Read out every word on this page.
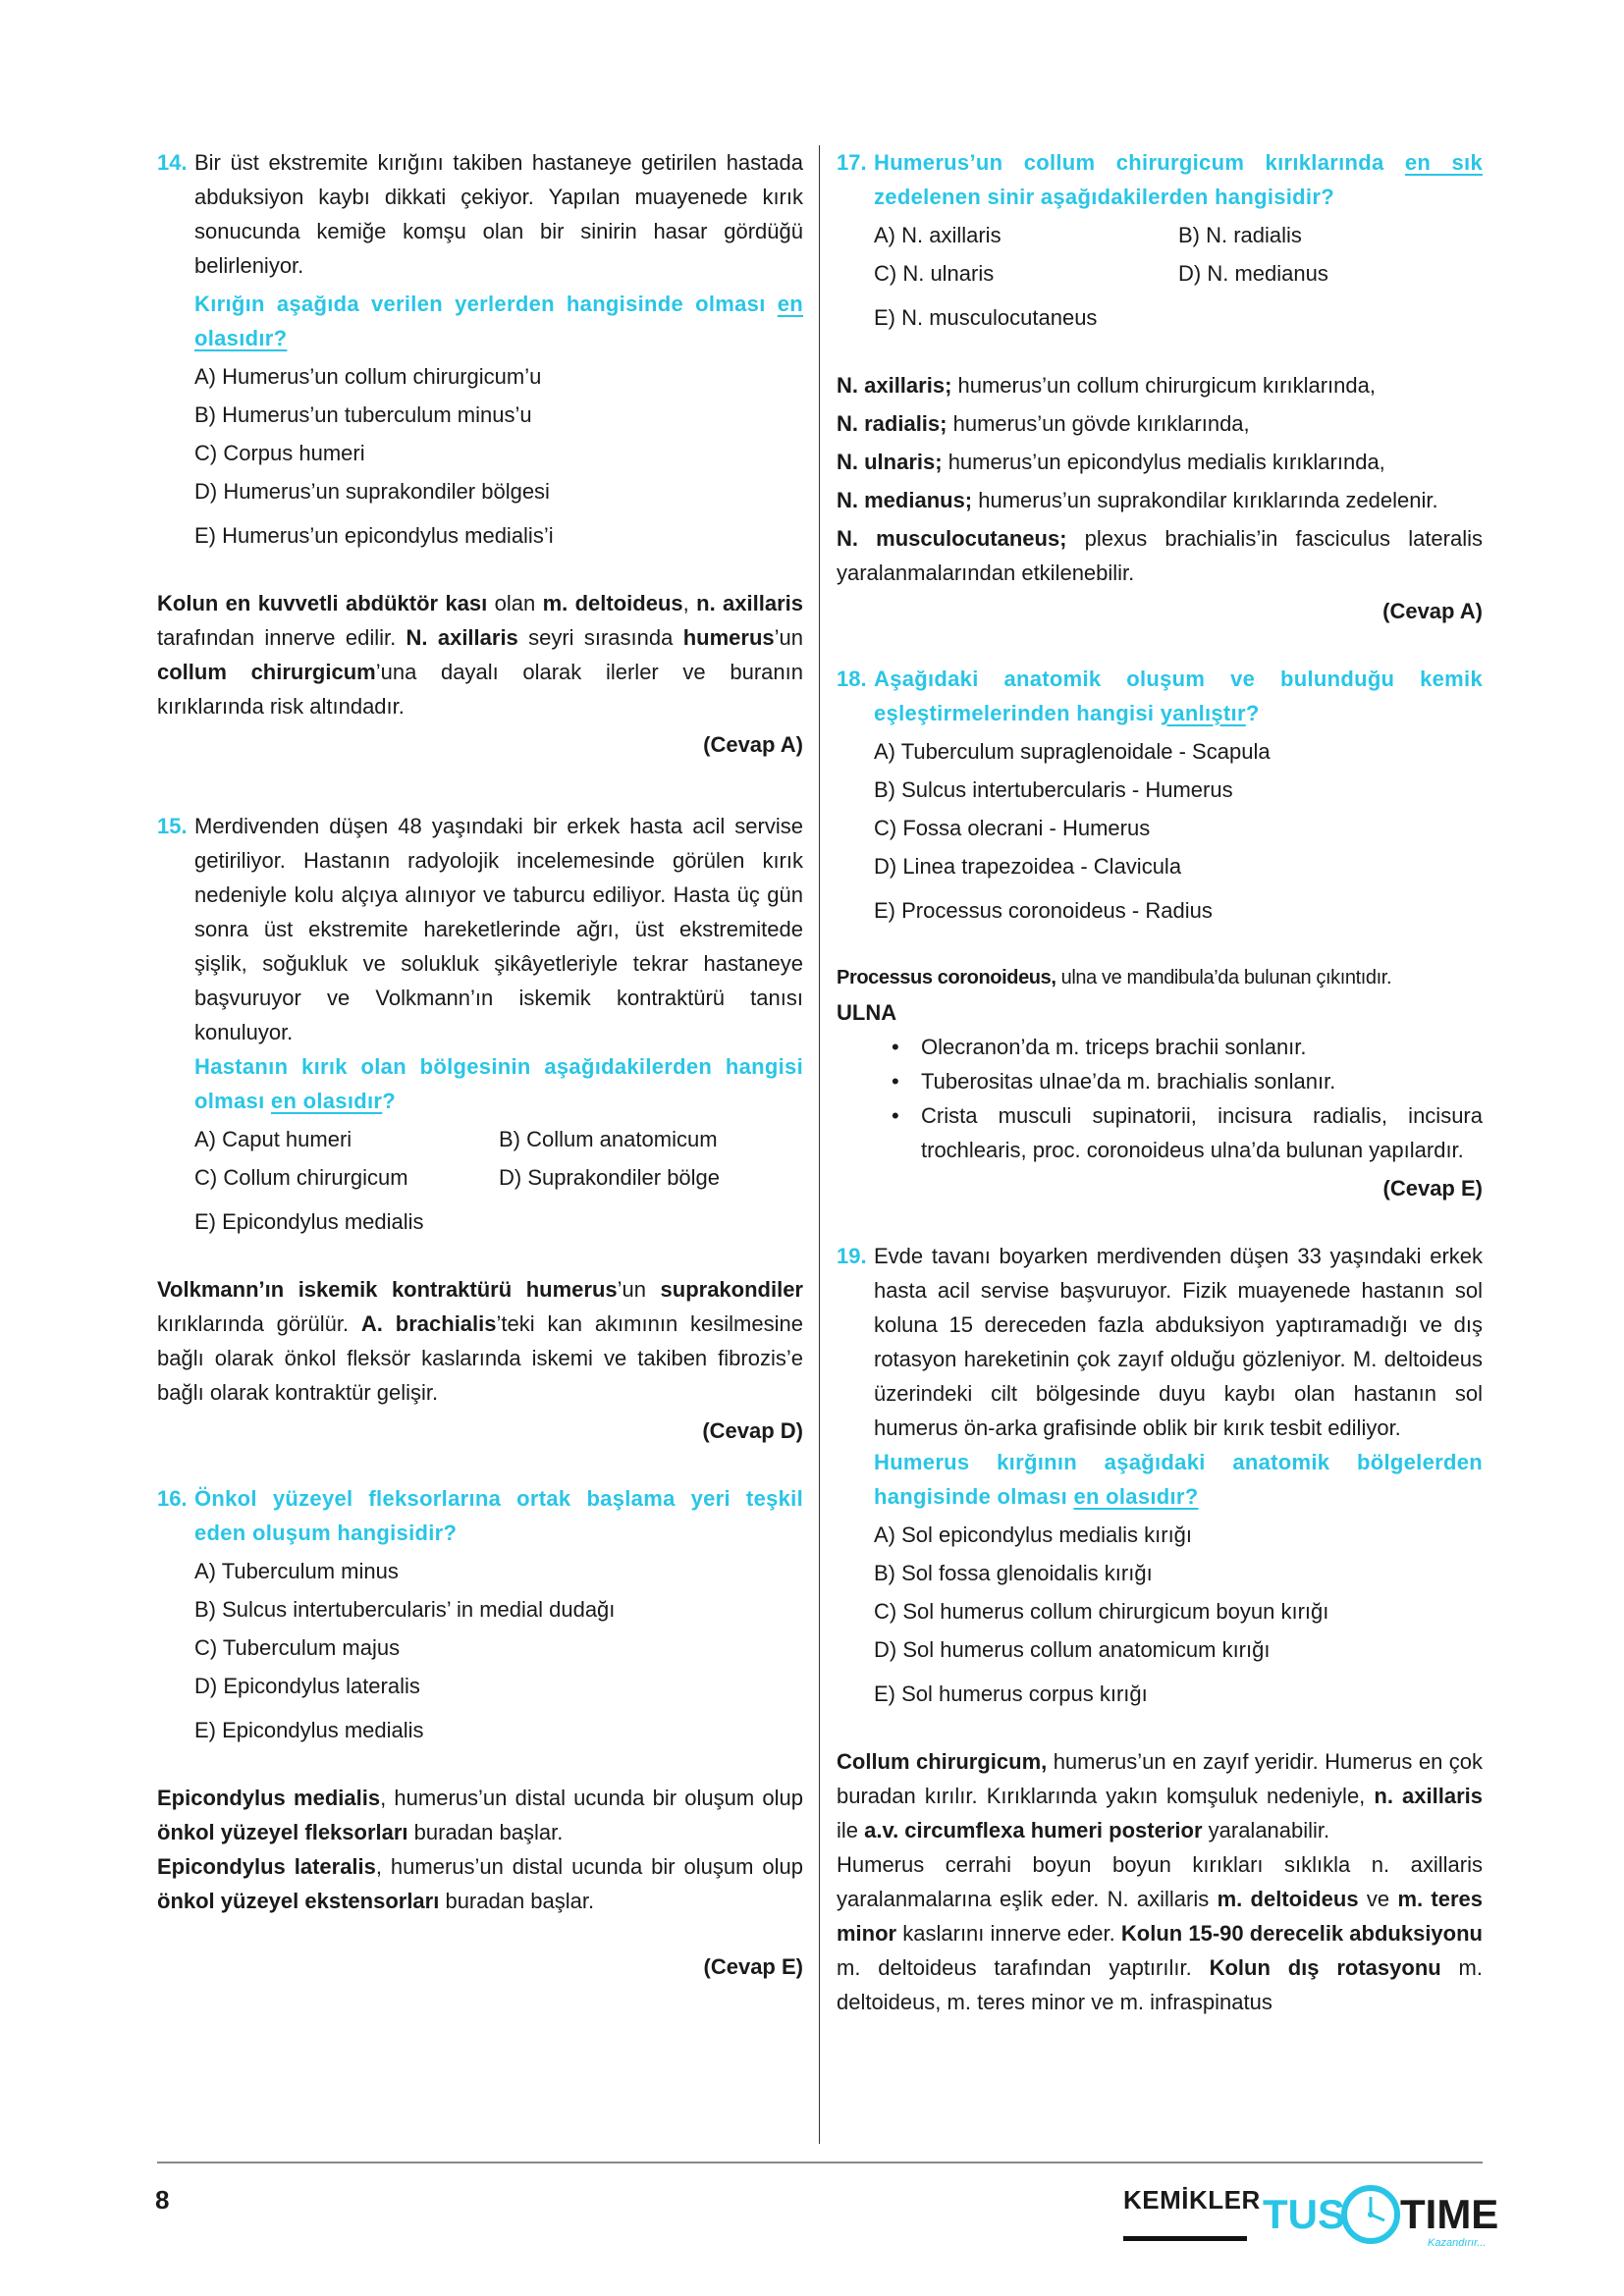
14. Bir üst ekstremite kırığını takiben hastaneye getirilen hastada abduksiyon kaybı dikkati çekiyor. Yapılan muayenede kırık sonucunda kemiğe komşu olan bir sinirin hasar gördüğü belirleniyor.
Kırığın aşağıda verilen yerlerden hangisinde olması en olasıdır?
A) Humerus’un collum chirurgicum’u
B) Humerus’un tuberculum minus’u
C) Corpus humeri
D) Humerus’un suprakondiler bölgesi
E) Humerus’un epicondylus medialis’i

Kolun en kuvvetli abdüktör kası olan m. deltoideus, n. axillaris tarafından innerve edilir. N. axillaris seyri sırasında humerus’un collum chirurgicum’una dayalı olarak ilerler ve buranın kırıklarında risk altındadır.

(Cevap A)
15. Merdivenden düşen 48 yaşındaki bir erkek hasta acil servise getiriliyor. Hastanın radyolojik incelemesinde görülen kırık nedeniyle kolu alçıya alınıyor ve taburcu ediliyor. Hasta üç gün sonra üst ekstremite hareketlerinde ağrı, üst ekstremitede şişlik, soğukluk ve solukluk şikâyetleriyle tekrar hastaneye başvuruyor ve Volkmann’ın iskemik kontraktürü tanısı konuluyor.
Hastanın kırık olan bölgesinin aşağıdakilerden hangisi olması en olasıdır?
A) Caput humeri	B) Collum anatomicum
C) Collum chirurgicum	D) Suprakondiler bölge
E) Epicondylus medialis

Volkmann’ın iskemik kontraktürü humerus’un suprakondiler kırıklarında görülür. A. brachialis’teki kan akımının kesilmesine bağlı olarak önkol fleksör kaslarında iskemi ve takiben fibrozis’e bağlı olarak kontraktür gelişir.

(Cevap D)
16. Önkol yüzeyel fleksorlarına ortak başlama yeri teşkil eden oluşum hangisidir?
A) Tuberculum minus
B) Sulcus intertubercularis’ in medial dudağı
C) Tuberculum majus
D) Epicondylus lateralis
E) Epicondylus medialis

Epicondylus medialis, humerus’un distal ucunda bir oluşum olup önkol yüzeyel fleksorları buradan başlar.

Epicondylus lateralis, humerus’un distal ucunda bir oluşum olup önkol yüzeyel ekstensorları buradan başlar.

(Cevap E)
17. Humerus’un collum chirurgicum kırıklarında en sık zedelenen sinir aşağıdakilerden hangisidir?
A) N. axillaris	B) N. radialis
C) N. ulnaris	D) N. medianus
E) N. musculocutaneus

N. axillaris; humerus’un collum chirurgicum kırıklarında,

N. radialis; humerus’un gövde kırıklarında,

N. ulnaris; humerus’un epicondylus medialis kırıklarında,

N. medianus; humerus’un suprakondilar kırıklarında zedelenir.

N. musculocutaneus; plexus brachialis’in fasciculus lateralis yaralanmalarından etkilenebilir.

(Cevap A)
18. Aşağıdaki anatomik oluşum ve bulunduğu kemik eşleştirmelerinden hangisi yanlıştır?
A) Tuberculum supraglenoidale - Scapula
B) Sulcus intertubercularis - Humerus
C) Fossa olecrani - Humerus
D) Linea trapezoidea - Clavicula
E) Processus coronoideus - Radius

Processus coronoideus, ulna ve mandibula’da bulunan çıkıntıdır.

ULNA

• Olecranon’da m. triceps brachii sonlanır.
• Tuberositas ulnae’da m. brachialis sonlanır.
• Crista musculi supinatorii, incisura radialis, incisura trochlearis, proc. coronoideus ulna’da bulunan yapılardır.
(Cevap E)
19. Evde tavanı boyarken merdivenden düşen 33 yaşındaki erkek hasta acil servise başvuruyor. Fizik muayenede hastanın sol koluna 15 dereceden fazla abduksiyon yaptıramadığı ve dış rotasyon hareketinin çok zayıf olduğu gözleniyor. M. deltoideus üzerindeki cilt bölgesinde duyu kaybı olan hastanın sol humerus ön-arka grafisinde oblik bir kırık tesbit ediliyor.
Humerus kırğının aşağıdaki anatomik bölgelerden hangisinde olması en olasıdır?
A) Sol epicondylus medialis kırığı
B) Sol fossa glenoidalis kırığı
C) Sol humerus collum chirurgicum boyun kırığı
D) Sol humerus collum anatomicum kırığı
E) Sol humerus corpus kırığı

Collum chirurgicum, humerus’un en zayıf yeridir. Humerus en çok buradan kırılır. Kırıklarında yakın komşuluk nedeniyle, n. axillaris ile a.v. circumflexa humeri posterior yaralanabilir.

Humerus cerrahi boyun boyun kırıkları sıklıkla n. axillaris yaralanmalarına eşlik eder. N. axillaris m. deltoideus ve m. teres minor kaslarını innerve eder. Kolun 15-90 derecelik abduksiyonu m. deltoideus tarafından yaptırılır. Kolun dış rotasyonu m. deltoideus, m. teres minor ve m. infraspinatus

8	KEMİKLER TUS TIME
Kazandırır...
